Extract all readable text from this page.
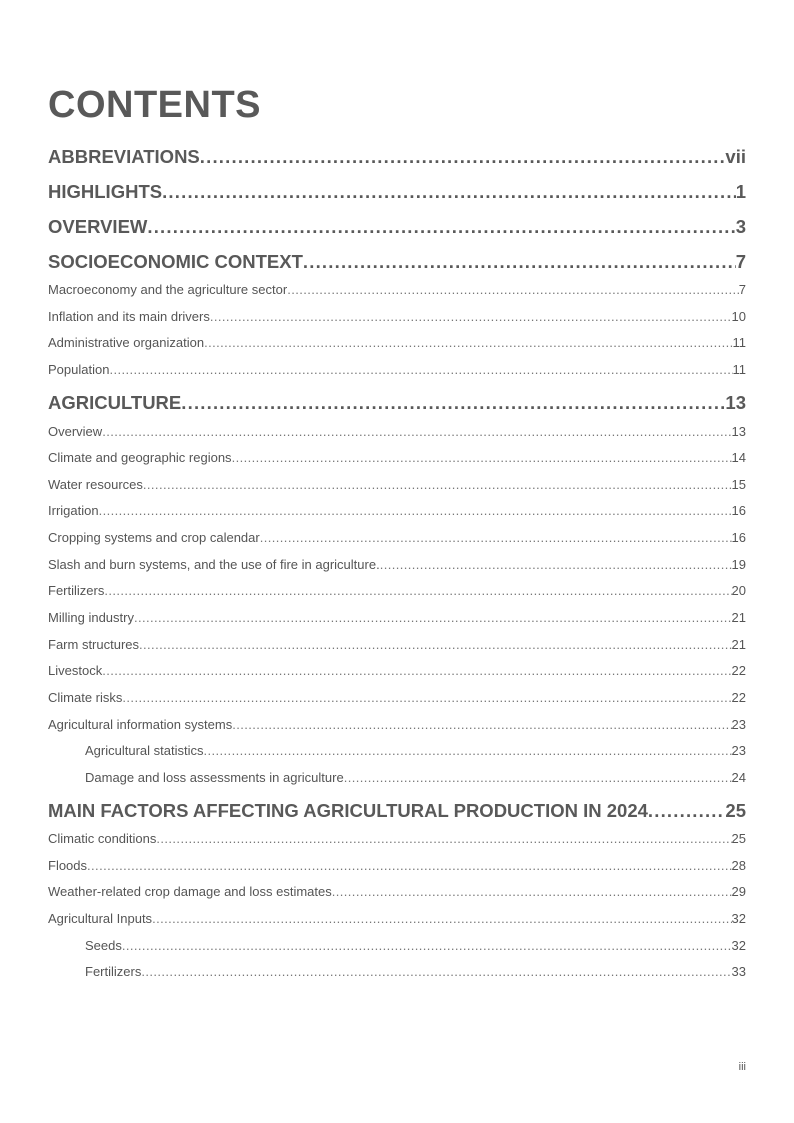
CONTENTS
ABBREVIATIONS .....	vii
HIGHLIGHTS .....	1
OVERVIEW .....	3
SOCIOECONOMIC CONTEXT .....	7
Macroeconomy and the agriculture sector .....	7
Inflation and its main drivers .....	10
Administrative organization .....	11
Population .....	11
AGRICULTURE .....	13
Overview .....	13
Climate and geographic regions .....	14
Water resources .....	15
Irrigation .....	16
Cropping systems and crop calendar .....	16
Slash and burn systems, and the use of fire in agriculture. .....	19
Fertilizers .....	20
Milling industry .....	21
Farm structures .....	21
Livestock .....	22
Climate risks .....	22
Agricultural information systems .....	23
Agricultural statistics .....	23
Damage and loss assessments in agriculture .....	24
MAIN FACTORS AFFECTING AGRICULTURAL PRODUCTION IN 2024 .....	25
Climatic conditions .....	25
Floods .....	28
Weather-related crop damage and loss estimates .....	29
Agricultural Inputs .....	32
Seeds .....	32
Fertilizers .....	33
iii
